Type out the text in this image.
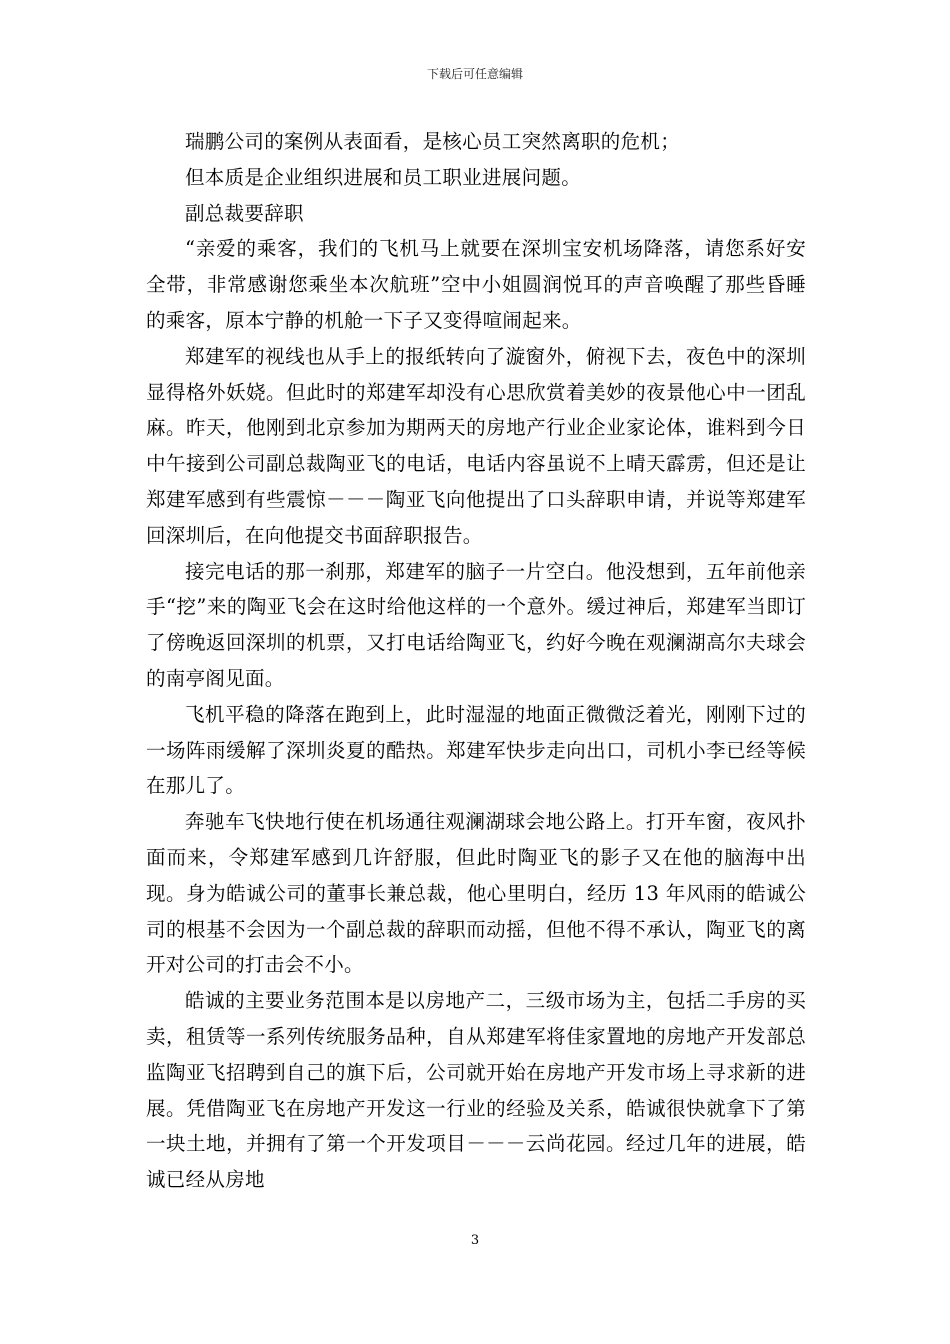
下载后可任意编辑

瑞鹏公司的案例从表面看，是核心员工突然离职的危机；

但本质是企业组织进展和员工职业进展问题。

副总裁要辞职

“亲爱的乘客，我们的飞机马上就要在深圳宝安机场降落，请您系好安全带，非常感谢您乘坐本次航班”空中小姐圆润悦耳的声音唤醒了那些昏睡的乘客，原本宁静的机舱一下子又变得喧闹起来。

郑建军的视线也从手上的报纸转向了漩窗外，俯视下去，夜色中的深圳显得格外妖娆。但此时的郑建军却没有心思欣赏着美妙的夜景他心中一团乱麻。昨天，他刚到北京参加为期两天的房地产行业企业家论体，谁料到今日中午接到公司副总裁陶亚飞的电话，电话内容虽说不上晴天霹雳，但还是让郑建军感到有些震惊－－－陶亚飞向他提出了口头辞职申请，并说等郑建军回深圳后，在向他提交书面辞职报告。

接完电话的那一刹那，郑建军的脑子一片空白。他没想到，五年前他亲手“挖”来的陶亚飞会在这时给他这样的一个意外。缓过神后，郑建军当即订了傍晚返回深圳的机票，又打电话给陶亚飞，约好今晚在观澜湖高尔夫球会的南亭阁见面。

飞机平稳的降落在跑到上，此时湿湿的地面正微微泛着光，刚刚下过的一场阵雨缓解了深圳炎夏的酷热。郑建军快步走向出口，司机小李已经等候在那儿了。

奔驰车飞快地行使在机场通往观澜湖球会地公路上。打开车窗，夜风扑面而来，令郑建军感到几许舒服，但此时陶亚飞的影子又在他的脑海中出现。身为皓诚公司的董事长兼总裁，他心里明白，经历 13 年风雨的皓诚公司的根基不会因为一个副总裁的辞职而动摇，但他不得不承认，陶亚飞的离开对公司的打击会不小。

皓诚的主要业务范围本是以房地产二，三级市场为主，包括二手房的买卖，租赁等一系列传统服务品种，自从郑建军将佳家置地的房地产开发部总监陶亚飞招聘到自己的旗下后，公司就开始在房地产开发市场上寻求新的进展。凭借陶亚飞在房地产开发这一行业的经验及关系，皓诚很快就拿下了第一块土地，并拥有了第一个开发项目－－－云尚花园。经过几年的进展，皓诚已经从房地

3
